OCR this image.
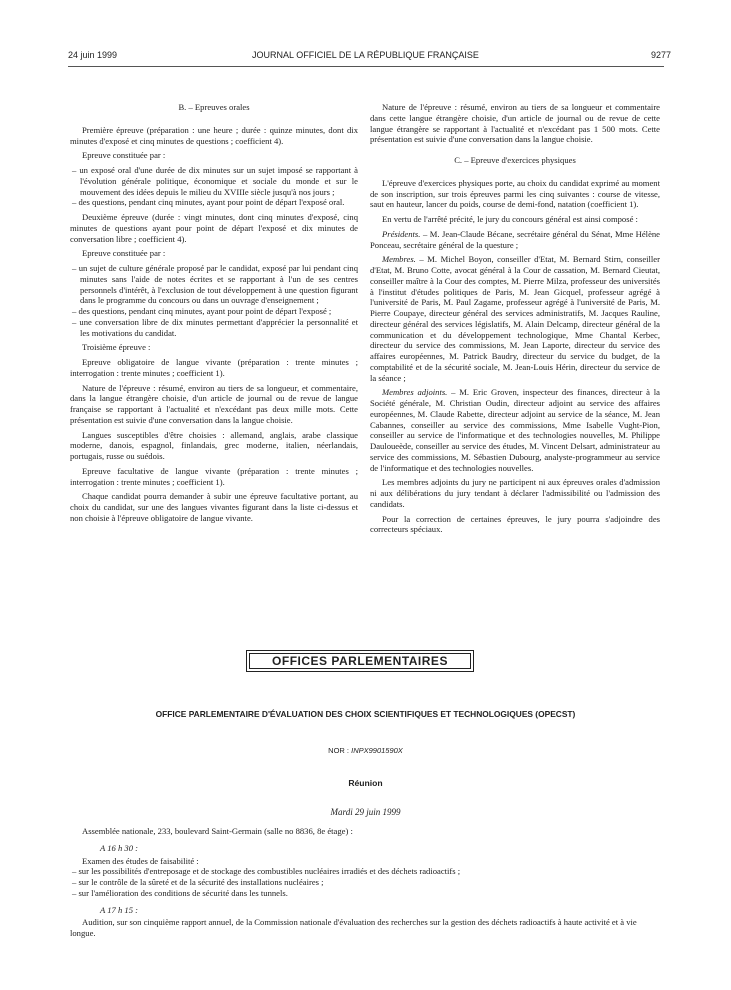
24 juin 1999	JOURNAL OFFICIEL DE LA RÉPUBLIQUE FRANÇAISE	9277

B. – Epreuves orales

Première épreuve (préparation : une heure ; durée : quinze minutes, dont dix minutes d'exposé et cinq minutes de questions ; coefficient 4).

Epreuve constituée par :

– un exposé oral d'une durée de dix minutes sur un sujet imposé se rapportant à l'évolution générale politique, économique et sociale du monde et sur le mouvement des idées depuis le milieu du XVIIIe siècle jusqu'à nos jours ;

– des questions, pendant cinq minutes, ayant pour point de départ l'exposé oral.

Deuxième épreuve (durée : vingt minutes, dont cinq minutes d'exposé, cinq minutes de questions ayant pour point de départ l'exposé et dix minutes de conversation libre ; coefficient 4).

Epreuve constituée par :

– un sujet de culture générale proposé par le candidat, exposé par lui pendant cinq minutes sans l'aide de notes écrites et se rapportant à l'un de ses centres personnels d'intérêt, à l'exclusion de tout développement à une question figurant dans le programme du concours ou dans un ouvrage d'enseignement ;

– des questions, pendant cinq minutes, ayant pour point de départ l'exposé ;

– une conversation libre de dix minutes permettant d'apprécier la personnalité et les motivations du candidat.

Troisième épreuve :

Epreuve obligatoire de langue vivante (préparation : trente minutes ; interrogation : trente minutes ; coefficient 1).

Nature de l'épreuve : résumé, environ au tiers de sa longueur, et commentaire, dans la langue étrangère choisie, d'un article de journal ou de revue de langue française se rapportant à l'actualité et n'excédant pas deux mille mots. Cette présentation est suivie d'une conversation dans la langue choisie.

Langues susceptibles d'être choisies : allemand, anglais, arabe classique moderne, danois, espagnol, finlandais, grec moderne, italien, néerlandais, portugais, russe ou suédois.

Epreuve facultative de langue vivante (préparation : trente minutes ; interrogation : trente minutes ; coefficient 1).

Chaque candidat pourra demander à subir une épreuve facultative portant, au choix du candidat, sur une des langues vivantes figurant dans la liste ci-dessus et non choisie à l'épreuve obligatoire de langue vivante.

Nature de l'épreuve : résumé, environ au tiers de sa longueur et commentaire dans cette langue étrangère choisie, d'un article de journal ou de revue de cette langue étrangère se rapportant à l'actualité et n'excédant pas 1 500 mots. Cette présentation est suivie d'une conversation dans la langue choisie.

C. – Epreuve d'exercices physiques

L'épreuve d'exercices physiques porte, au choix du candidat exprimé au moment de son inscription, sur trois épreuves parmi les cinq suivantes : course de vitesse, saut en hauteur, lancer du poids, course de demi-fond, natation (coefficient 1).

En vertu de l'arrêté précité, le jury du concours général est ainsi composé :

Présidents. – M. Jean-Claude Bécane, secrétaire général du Sénat, Mme Hélène Ponceau, secrétaire général de la questure ;

Membres. – M. Michel Boyon, conseiller d'Etat, M. Bernard Stirn, conseiller d'Etat, M. Bruno Cotte, avocat général à la Cour de cassation, M. Bernard Cieutat, conseiller maître à la Cour des comptes, M. Pierre Milza, professeur des universités à l'institut d'études politiques de Paris, M. Jean Gicquel, professeur agrégé à l'université de Paris, M. Paul Zagame, professeur agrégé à l'université de Paris, M. Pierre Coupaye, directeur général des services administratifs, M. Jacques Rauline, directeur général des services législatifs, M. Alain Delcamp, directeur général de la communication et du développement technologique, Mme Chantal Kerbec, directeur du service des commissions, M. Jean Laporte, directeur du service des affaires européennes, M. Patrick Baudry, directeur du service du budget, de la comptabilité et de la sécurité sociale, M. Jean-Louis Hérin, directeur du service de la séance ;

Membres adjoints. – M. Eric Groven, inspecteur des finances, directeur à la Société générale, M. Christian Oudin, directeur adjoint au service des affaires européennes, M. Claude Rabette, directeur adjoint au service de la séance, M. Jean Cabannes, conseiller au service des commissions, Mme Isabelle Vught-Pion, conseiller au service de l'informatique et des technologies nouvelles, M. Philippe Dauloueède, conseiller au service des études, M. Vincent Delsart, administrateur au service des commissions, M. Sébastien Dubourg, analyste-programmeur au service de l'informatique et des technologies nouvelles.

Les membres adjoints du jury ne participent ni aux épreuves orales d'admission ni aux délibérations du jury tendant à déclarer l'admissibilité ou l'admission des candidats.

Pour la correction de certaines épreuves, le jury pourra s'adjoindre des correcteurs spéciaux.

OFFICES PARLEMENTAIRES
OFFICE PARLEMENTAIRE D'ÉVALUATION DES CHOIX SCIENTIFIQUES ET TECHNOLOGIQUES (OPECST)
NOR : INPX9901590X
Réunion
Mardi 29 juin 1999

Assemblée nationale, 233, boulevard Saint-Germain (salle no 8836, 8e étage) :

A 16 h 30 :

Examen des études de faisabilité :

– sur les possibilités d'entreposage et de stockage des combustibles nucléaires irradiés et des déchets radioactifs ;

– sur le contrôle de la sûreté et de la sécurité des installations nucléaires ;

– sur l'amélioration des conditions de sécurité dans les tunnels.

A 17 h 15 :

Audition, sur son cinquième rapport annuel, de la Commission nationale d'évaluation des recherches sur la gestion des déchets radioactifs à haute activité et à vie longue.
